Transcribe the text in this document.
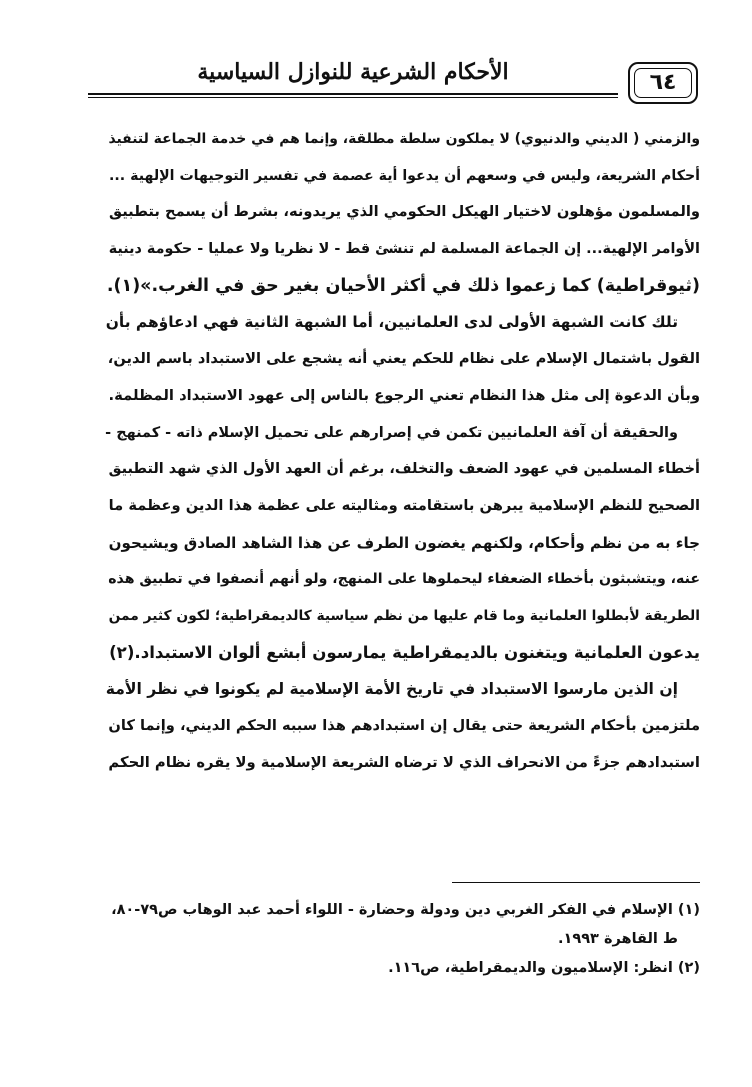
الأحكام الشرعية للنوازل السياسية	٦٤
والزمني ( الديني والدنيوي) لا يملكون سلطة مطلقة، وإنما هم في خدمة الجماعة لتنفيذ
أحكام الشريعة، وليس في وسعهم أن يدعوا أية عصمة في تفسير التوجيهات الإلهية ...
والمسلمون مؤهلون لاختيار الهيكل الحكومي الذي يريدونه، بشرط أن يسمح بتطبيق
الأوامر الإلهية... إن الجماعة المسلمة لم تنشئ قط - لا نظريا ولا عمليا - حكومة دينية
(ثيوقراطية) كما زعموا ذلك في أكثر الأحيان بغير حق في الغرب.»(١).
تلك كانت الشبهة الأولى لدى العلمانيين، أما الشبهة الثانية فهي ادعاؤهم بأن
القول باشتمال الإسلام على نظام للحكم يعني أنه يشجع على الاستبداد باسم الدين،
وبأن الدعوة إلى مثل هذا النظام تعني الرجوع بالناس إلى عهود الاستبداد المظلمة.
والحقيقة أن آفة العلمانيين تكمن في إصرارهم على تحميل الإسلام ذاته - كمنهج -
أخطاء المسلمين في عهود الضعف والتخلف، برغم أن العهد الأول الذي شهد التطبيق
الصحيح للنظم الإسلامية يبرهن باستقامته ومثاليته على عظمة هذا الدين وعظمة ما
جاء به من نظم وأحكام، ولكنهم يغضون الطرف عن هذا الشاهد الصادق ويشيحون
عنه، ويتشبثون بأخطاء الضعفاء ليحملوها على المنهج، ولو أنهم أنصفوا في تطبيق هذه
الطريقة لأبطلوا العلمانية وما قام عليها من نظم سياسية كالديمقراطية؛ لكون كثير ممن
يدعون العلمانية ويتغنون بالديمقراطية يمارسون أبشع ألوان الاستبداد.(٢)
إن الذين مارسوا الاستبداد في تاريخ الأمة الإسلامية لم يكونوا في نظر الأمة
ملتزمين بأحكام الشريعة حتى يقال إن استبدادهم هذا سببه الحكم الديني، وإنما كان
استبدادهم جزءً من الانحراف الذي لا ترضاه الشريعة الإسلامية ولا يقره نظام الحكم
(١) الإسلام في الفكر الغربي دين ودولة وحضارة - اللواء أحمد عبد الوهاب ص٧٩-٨٠،
ط القاهرة ١٩٩٣.
(٢) انظر: الإسلاميون والديمقراطية، ص١١٦.
